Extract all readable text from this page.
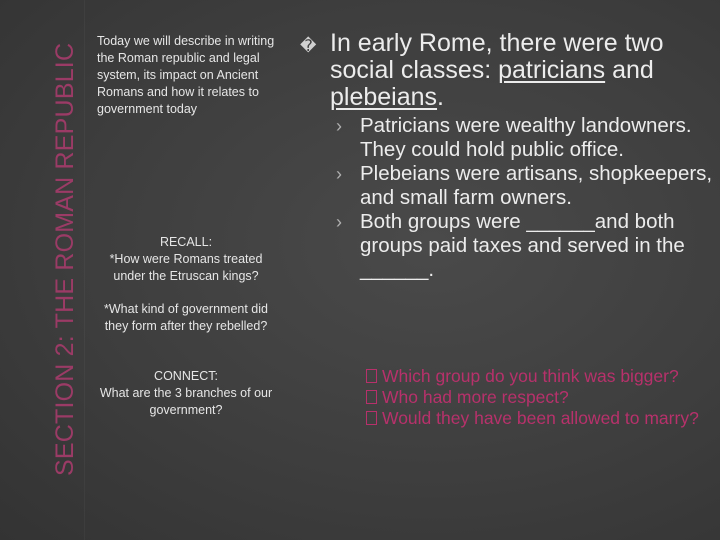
SECTION 2: THE ROMAN REPUBLIC
Today we will describe in writing the Roman republic and legal system, its impact on Ancient Romans and how it relates to government today
RECALL:
*How were Romans treated under the Etruscan kings?
*What kind of government did they form after they rebelled?
CONNECT:
What are the 3 branches of our government?
� In early Rome, there were two social classes: patricians and plebeians.
› Patricians were wealthy landowners. They could hold public office.
› Plebeians were artisans, shopkeepers, and small farm owners.
› Both groups were ______and both groups paid taxes and served in the ______.
Which group do you think was bigger?
Who had more respect?
Would they have been allowed to marry?
